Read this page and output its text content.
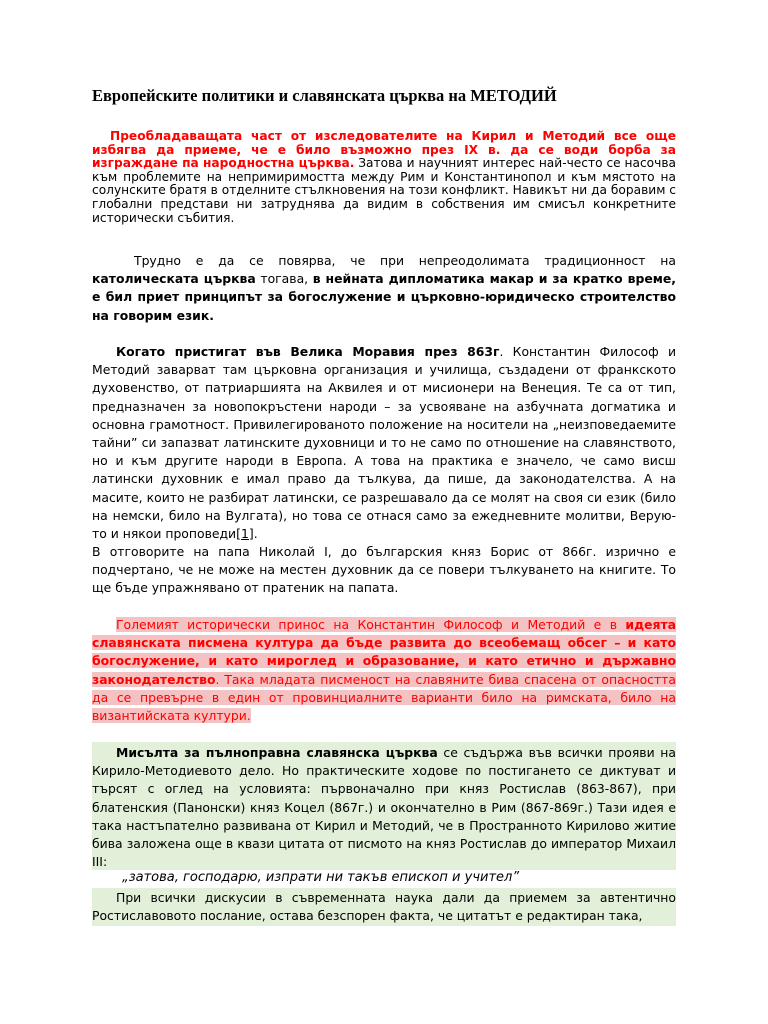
Европейските политики и славянската църква на МЕТОДИЙ

Преобладаващата част от изследователите на Кирил и Методий все още избягва да приеме, че е било възможно през IX в. да се води борба за изграждане па народностна църква. Затова и научният интерес най-често се насочва към проблемите на непримиримостта между Рим и Константинопол и към мястото на солунските братя в отделните стълкновения на този конфликт. Навикът ни да боравим с глобални представи ни затруднява да видим в собствения им смисъл конкретните исторически събития.

Трудно е да се повярва, че при непреодолимата традиционност на католическата църква тогава, в нейната дипломатика макар и за кратко време, е бил приет принципът за богослужение и църковно-юридическо строителство на говорим език.

Когато пристигат във Велика Моравия през 863г. Константин Философ и Методий заварват там църковна организация и училища, създадени от франкското духовенство, от патриаршията на Аквилея и от мисионери на Венеция. Те са от тип, предназначен за новопокръстени народи – за усвояване на азбучната догматика и основна грамотност. Привилегированото положение на носители на „неизповедаемите тайни” си запазват латинските духовници и то не само по отношение на славянството, но и към другите народи в Европа. А това на практика е значело, че само висш латински духовник е имал право да тълкува, да пише, да законодателства. А на масите, които не разбират латински, се разрешавало да се молят на своя си език (било на немски, било на Вулгата), но това се отнася само за ежедневните молитви, Верую-то и някои проповеди[1].

В отговорите на папа Николай I, до българския княз Борис от 866г. изрично е подчертано, че не може на местен духовник да се повери тълкуването на книгите. То ще бъде упражнявано от пратеник на папата.

Големият исторически принос на Константин Философ и Методий е в идеята славянската писмена култура да бъде развита до всеобемащ обсег – и като богослужение, и като мироглед и образование, и като етично и държавно законодателство. Така младата писменост на славяните бива спасена от опасността да се превърне в един от провинциалните варианти било на римската, било на византийската култури.

Мисълта за пълноправна славянска църква се съдържа във всички прояви на Кирило-Методиевото дело. Но практическите ходове по постигането се диктуват и търсят с оглед на условията: първоначално при княз Ростислав (863-867), при блатенския (Панонски) княз Коцел (867г.) и окончателно в Рим (867-869г.) Тази идея е така настъпателно развивана от Кирил и Методий, че в Пространното Кирилово житие бива заложена още в квази цитата от писмото на княз Ростислав до император Михаил III:

„затова, господарю, изпрати ни такъв епископ и учител”

При всички дискусии в съвременната наука дали да приемем за автентично Ростиславовото послание, остава безспорен факта, че цитатът е редактиран така,
